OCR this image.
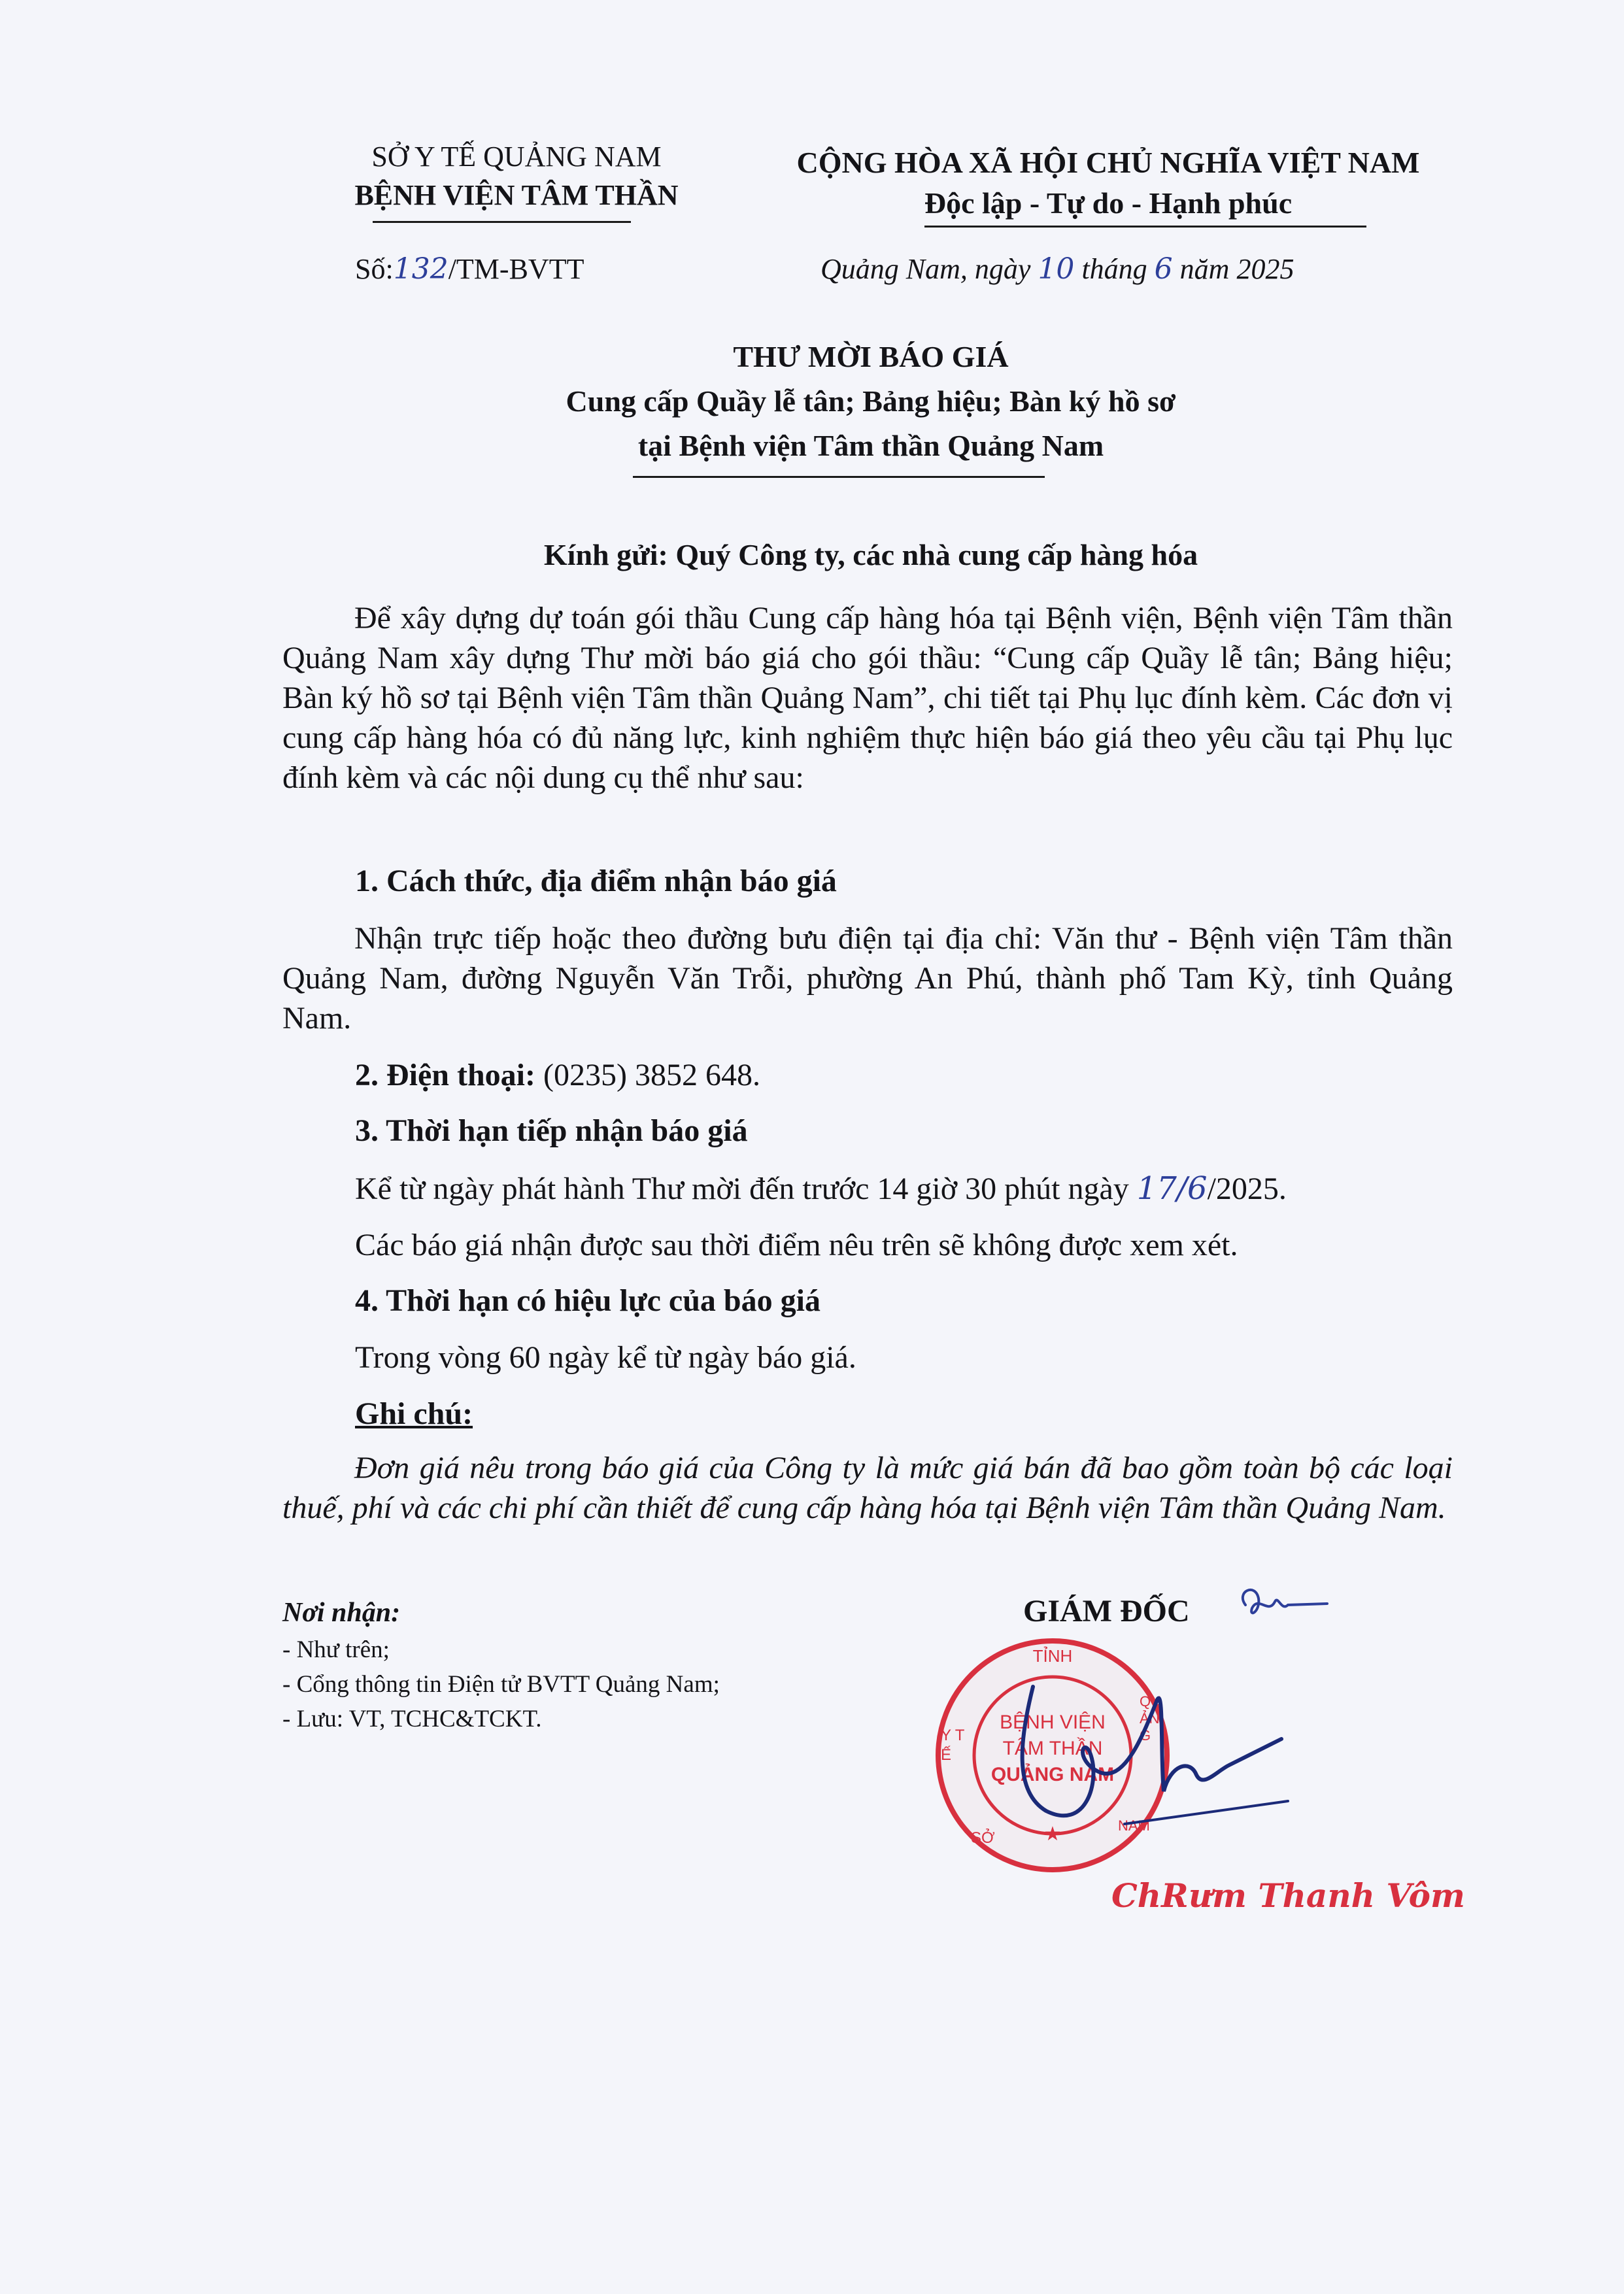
SỞ Y TẾ QUẢNG NAM
BỆNH VIỆN TÂM THẦN
Số:132/TM-BVTT
CỘNG HÒA XÃ HỘI CHỦ NGHĨA VIỆT NAM
Độc lập - Tự do - Hạnh phúc
Quảng Nam, ngày 10 tháng 6 năm 2025
THƯ MỜI BÁO GIÁ
Cung cấp Quầy lễ tân; Bảng hiệu; Bàn ký hồ sơ
tại Bệnh viện Tâm thần Quảng Nam
Kính gửi: Quý Công ty, các nhà cung cấp hàng hóa
Để xây dựng dự toán gói thầu Cung cấp hàng hóa tại Bệnh viện, Bệnh viện Tâm thần Quảng Nam xây dựng Thư mời báo giá cho gói thầu: “Cung cấp Quầy lễ tân; Bảng hiệu; Bàn ký hồ sơ tại Bệnh viện Tâm thần Quảng Nam”, chi tiết tại Phụ lục đính kèm. Các đơn vị cung cấp hàng hóa có đủ năng lực, kinh nghiệm thực hiện báo giá theo yêu cầu tại Phụ lục đính kèm và các nội dung cụ thể như sau:
1. Cách thức, địa điểm nhận báo giá
Nhận trực tiếp hoặc theo đường bưu điện tại địa chỉ: Văn thư - Bệnh viện Tâm thần Quảng Nam, đường Nguyễn Văn Trỗi, phường An Phú, thành phố Tam Kỳ, tỉnh Quảng Nam.
2. Điện thoại: (0235) 3852 648.
3. Thời hạn tiếp nhận báo giá
Kể từ ngày phát hành Thư mời đến trước 14 giờ 30 phút ngày 17/6/2025.
Các báo giá nhận được sau thời điểm nêu trên sẽ không được xem xét.
4. Thời hạn có hiệu lực của báo giá
Trong vòng 60 ngày kể từ ngày báo giá.
Ghi chú:
Đơn giá nêu trong báo giá của Công ty là mức giá bán đã bao gồm toàn bộ các loại thuế, phí và các chi phí cần thiết để cung cấp hàng hóa tại Bệnh viện Tâm thần Quảng Nam.
Nơi nhận:
- Như trên;
- Cổng thông tin Điện tử BVTT Quảng Nam;
- Lưu: VT, TCHC&TCKT.
GIÁM ĐỐC
★
TỈNH
Y TẾ
QUẢNG
BỆNH VIỆN
TÂM THẦN
QUẢNG NAM
SỞ
NAM
ChRưm Thanh Vôm
